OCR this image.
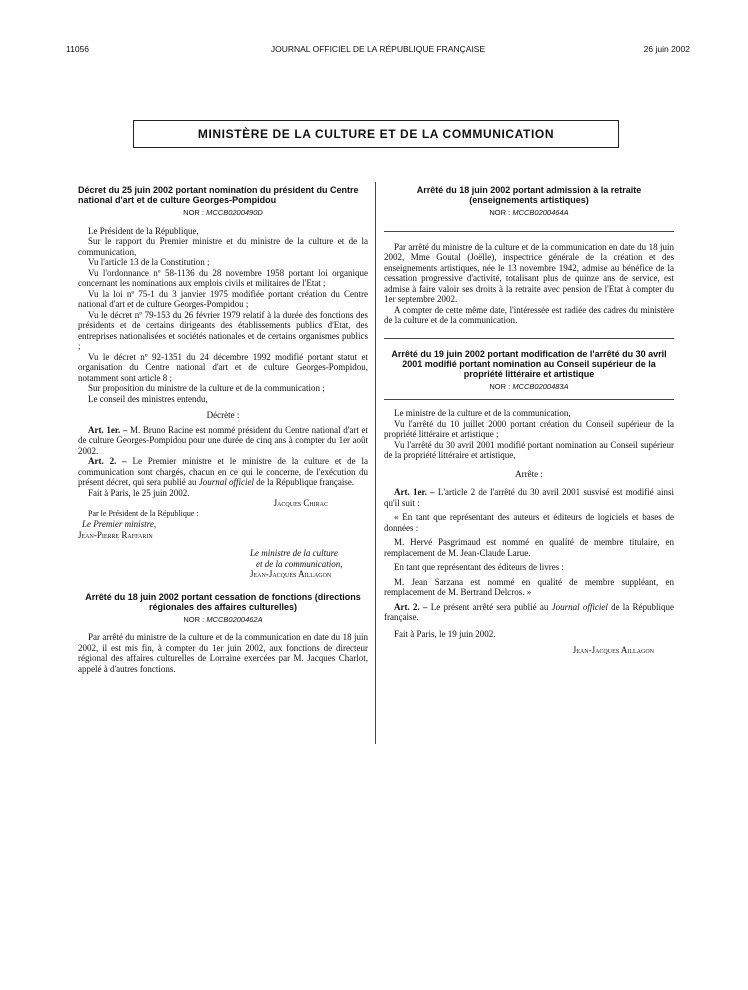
11056	JOURNAL OFFICIEL DE LA RÉPUBLIQUE FRANÇAISE	26 juin 2002
MINISTÈRE DE LA CULTURE ET DE LA COMMUNICATION
Décret du 25 juin 2002 portant nomination du président du Centre national d'art et de culture Georges-Pompidou
NOR : MCCB0200490D

Le Président de la République,

Sur le rapport du Premier ministre et du ministre de la culture et de la communication,

Vu l'article 13 de la Constitution ;

Vu l'ordonnance nº 58-1136 du 28 novembre 1958 portant loi organique concernant les nominations aux emplois civils et militaires de l'Etat ;

Vu la loi nº 75-1 du 3 janvier 1975 modifiée portant création du Centre national d'art et de culture Georges-Pompidou ;

Vu le décret nº 79-153 du 26 février 1979 relatif à la durée des fonctions des présidents et de certains dirigeants des établissements publics d'Etat, des entreprises nationalisées et sociétés nationales et de certains organismes publics ;

Vu le décret nº 92-1351 du 24 décembre 1992 modifié portant statut et organisation du Centre national d'art et de culture Georges-Pompidou, notamment sont article 8 ;

Sur proposition du ministre de la culture et de la communication ;

Le conseil des ministres entendu,

Décrète :

Art. 1er. – M. Bruno Racine est nommé président du Centre national d'art et de culture Georges-Pompidou pour une durée de cinq ans à compter du 1er août 2002.

Art. 2. – Le Premier ministre et le ministre de la culture et de la communication sont chargés, chacun en ce qui le concerne, de l'exécution du présent décret, qui sera publié au Journal officiel de la République française.

Fait à Paris, le 25 juin 2002.

Jacques Chirac

Par le Président de la République :

Le Premier ministre,

Jean-Pierre Raffarin

Le ministre de la culture

et de la communication,

Jean-Jacques Aillagon

Arrêté du 18 juin 2002 portant cessation de fonctions (directions régionales des affaires culturelles)
NOR : MCCB0200462A

Par arrêté du ministre de la culture et de la communication en date du 18 juin 2002, il est mis fin, à compter du 1er juin 2002, aux fonctions de directeur régional des affaires culturelles de Lorraine exercées par M. Jacques Charlot, appelé à d'autres fonctions.

Arrêté du 18 juin 2002 portant admission à la retraite (enseignements artistiques)
NOR : MCCB0200464A

Par arrêté du ministre de la culture et de la communication en date du 18 juin 2002, Mme Goutal (Joëlle), inspectrice générale de la création et des enseignements artistiques, née le 13 novembre 1942, admise au bénéfice de la cessation progressive d'activité, totalisant plus de quinze ans de service, est admise à faire valoir ses droits à la retraite avec pension de l'Etat à compter du 1er septembre 2002.

A compter de cette même date, l'intéressée est radiée des cadres du ministère de la culture et de la communication.

Arrêté du 19 juin 2002 portant modification de l'arrêté du 30 avril 2001 modifié portant nomination au Conseil supérieur de la propriété littéraire et artistique
NOR : MCCB0200483A

Le ministre de la culture et de la communication,

Vu l'arrêté du 10 juillet 2000 portant création du Conseil supérieur de la propriété littéraire et artistique ;

Vu l'arrêté du 30 avril 2001 modifié portant nomination au Conseil supérieur de la propriété littéraire et artistique,

Arrête :

Art. 1er. – L'article 2 de l'arrêté du 30 avril 2001 susvisé est modifié ainsi qu'il suit :

« En tant que représentant des auteurs et éditeurs de logiciels et bases de données :

M. Hervé Pasgrimaud est nommé en qualité de membre titulaire, en remplacement de M. Jean-Claude Larue.

En tant que représentant des éditeurs de livres :

M. Jean Sarzana est nommé en qualité de membre suppléant, en remplacement de M. Bertrand Delcros. »

Art. 2. – Le présent arrêté sera publié au Journal officiel de la République française.

Fait à Paris, le 19 juin 2002.

Jean-Jacques Aillagon
